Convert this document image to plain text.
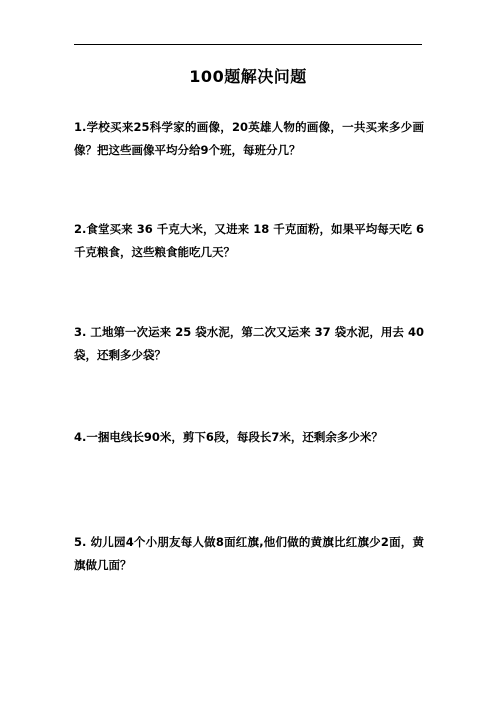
100题解决问题
1.学校买来25科学家的画像，20英雄人物的画像，一共买来多少画像？把这些画像平均分给9个班，每班分几？
2.食堂买来 36 千克大米，又进来 18 千克面粉，如果平均每天吃 6 千克粮食，这些粮食能吃几天？
3. 工地第一次运来 25 袋水泥，第二次又运来 37 袋水泥，用去 40 袋，还剩多少袋？
4.一捆电线长90米，剪下6段，每段长7米，还剩余多少米？
5. 幼儿园4个小朋友每人做8面红旗,他们做的黄旗比红旗少2面，黄旗做几面？
